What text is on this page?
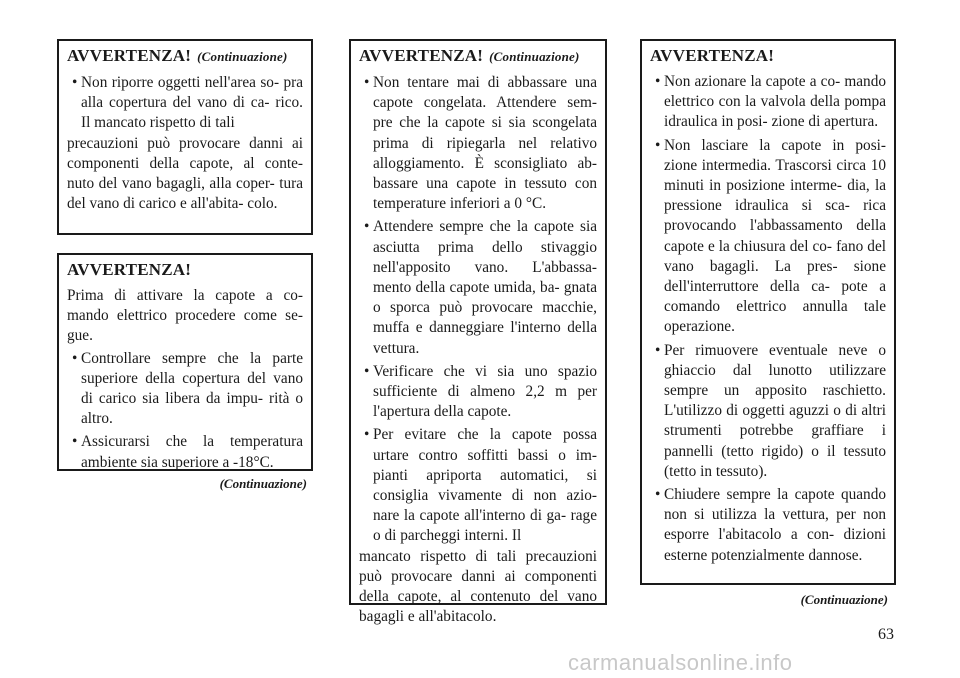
AVVERTENZA! (Continuazione)
• Non riporre oggetti nell'area so- pra alla copertura del vano di ca- rico. Il mancato rispetto di tali
precauzioni può provocare danni ai componenti della capote, al conte- nuto del vano bagagli, alla coper- tura del vano di carico e all'abita- colo.
AVVERTENZA!
Prima di attivare la capote a co- mando elettrico procedere come se- gue.
• Controllare sempre che la parte superiore della copertura del vano di carico sia libera da impu- rità o altro.
• Assicurarsi che la temperatura ambiente sia superiore a -18°C.
(Continuazione)
AVVERTENZA! (Continuazione)
• Non tentare mai di abbassare una capote congelata. Attendere sem- pre che la capote si sia scongelata prima di ripiegarla nel relativo alloggiamento. È sconsigliato ab- bassare una capote in tessuto con temperature inferiori a 0 °C.
• Attendere sempre che la capote sia asciutta prima dello stivaggio nell'apposito vano. L'abbassa- mento della capote umida, ba- gnata o sporca può provocare macchie, muffa e danneggiare l'interno della vettura.
• Verificare che vi sia uno spazio sufficiente di almeno 2,2 m per l'apertura della capote.
• Per evitare che la capote possa urtare contro soffitti bassi o im- pianti apriporta automatici, si consiglia vivamente di non azio- nare la capote all'interno di ga- rage o di parcheggi interni. Il
mancato rispetto di tali precauzioni può provocare danni ai componenti della capote, al contenuto del vano bagagli e all'abitacolo.
AVVERTENZA!
• Non azionare la capote a co- mando elettrico con la valvola della pompa idraulica in posi- zione di apertura.
• Non lasciare la capote in posi- zione intermedia. Trascorsi circa 10 minuti in posizione interme- dia, la pressione idraulica si sca- rica provocando l'abbassamento della capote e la chiusura del co- fano del vano bagagli. La pres- sione dell'interruttore della ca- pote a comando elettrico annulla tale operazione.
• Per rimuovere eventuale neve o ghiaccio dal lunotto utilizzare sempre un apposito raschietto. L'utilizzo di oggetti aguzzi o di altri strumenti potrebbe graffiare i pannelli (tetto rigido) o il tessuto (tetto in tessuto).
• Chiudere sempre la capote quando non si utilizza la vettura, per non esporre l'abitacolo a con- dizioni esterne potenzialmente dannose.
(Continuazione)
63
carmanualsonline.info
